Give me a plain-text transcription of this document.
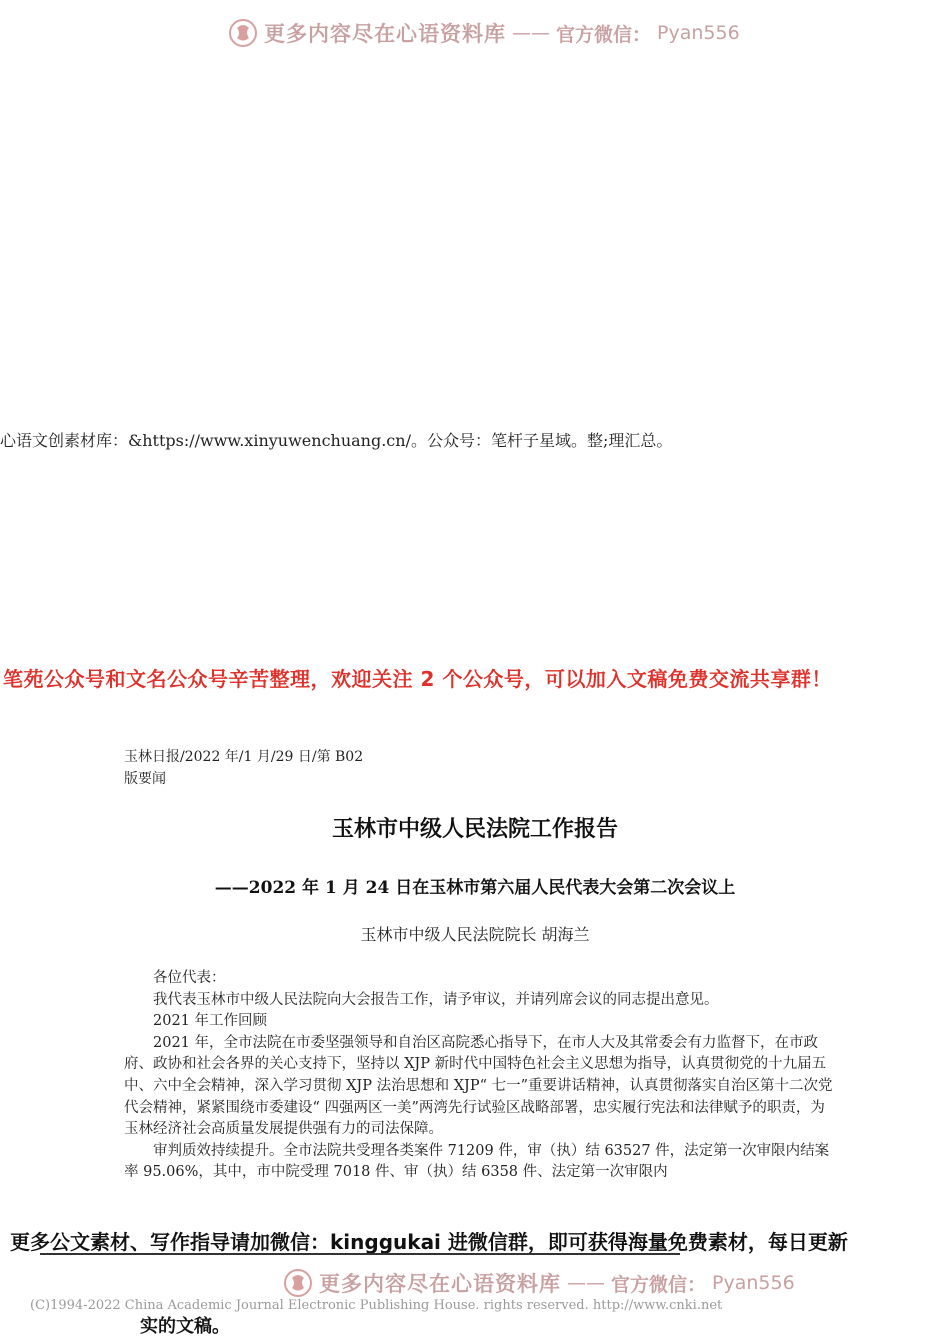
更多内容尽在心语资料库 —— 官方微信： Pyan556
心语文创素材库：&https://www.xinyuwenchuang.cn/。公众号：笔杆子星域。整;理汇总。
笔苑公众号和文名公众号辛苦整理，欢迎关注 2 个公众号，可以加入文稿免费交流共享群！
玉林日报/2022 年/1 月/29 日/第 B02
版要闻
玉林市中级人民法院工作报告
——2022 年 1 月 24 日在玉林市第六届人民代表大会第二次会议上
玉林市中级人民法院院长 胡海兰

各位代表：

我代表玉林市中级人民法院向大会报告工作，请予审议，并请列席会议的同志提出意见。

2021 年工作回顾

2021 年，全市法院在市委坚强领导和自治区高院悉心指导下，在市人大及其常委会有力监督下，在市政府、政协和社会各界的关心支持下，坚持以 XJP 新时代中国特色社会主义思想为指导，认真贯彻党的十九届五中、六中全会精神，深入学习贯彻 XJP 法治思想和 XJP“ 七一”重要讲话精神，认真贯彻落实自治区第十二次党代会精神，紧紧围绕市委建设“ 四强两区一美”两湾先行试验区战略部署，忠实履行宪法和法律赋予的职责，为玉林经济社会高质量发展提供强有力的司法保障。

审判质效持续提升。全市法院共受理各类案件 71209 件，审（执）结 63527 件，法定第一次审限内结案率 95.06%，其中，市中院受理 7018 件、审（执）结 6358 件、法定第一次审限内

更多公文素材、写作指导请加微信：kinggukai 进微信群，即可获得海量免费素材，每日更新
更多内容尽在心语资料库 —— 官方微信： Pyan556
(C)1994-2022 China Academic Journal Electronic Publishing House. rights reserved. http://www.cnki.net
实的文稿。
